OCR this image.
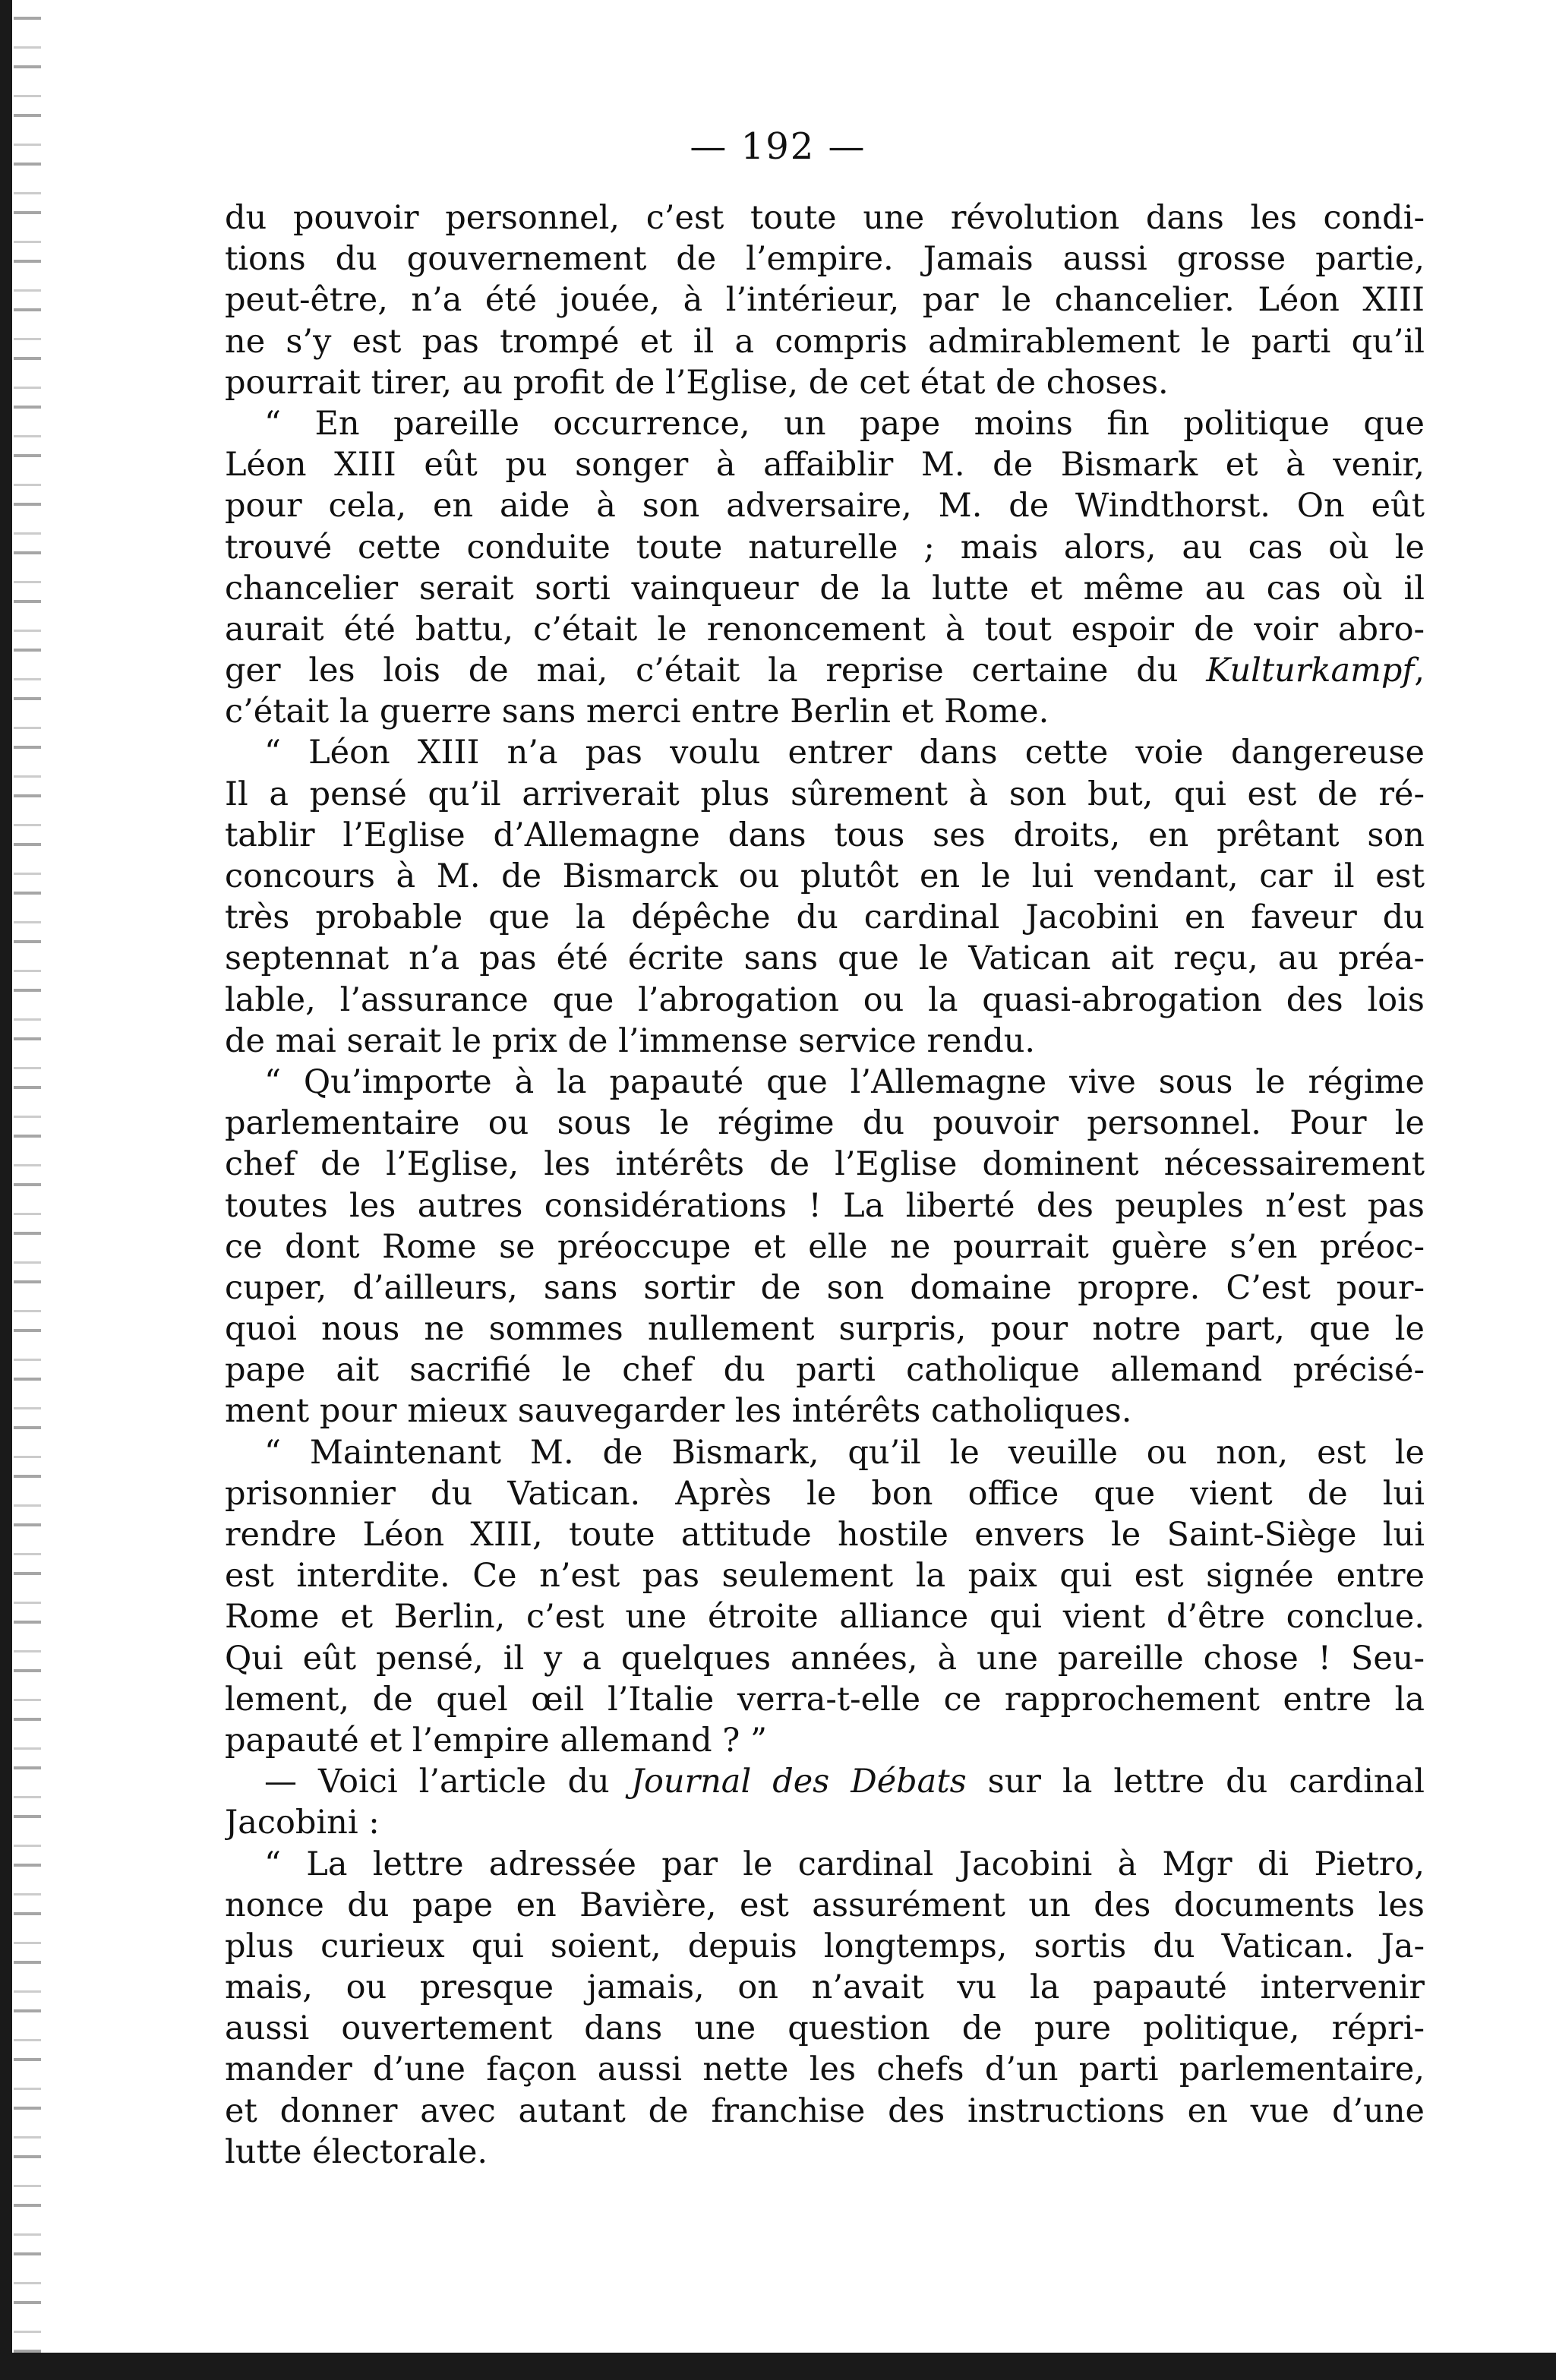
— 192 —
du pouvoir personnel, c’est toute une révolution dans les condi-
tions du gouvernement de l’empire. Jamais aussi grosse partie,
peut-être, n’a été jouée, à l’intérieur, par le chancelier. Léon XIII
ne s’y est pas trompé et il a compris admirablement le parti qu’il
pourrait tirer, au profit de l’Eglise, de cet état de choses.
“ En pareille occurrence, un pape moins fin politique que
Léon XIII eût pu songer à affaiblir M. de Bismark et à venir,
pour cela, en aide à son adversaire, M. de Windthorst. On eût
trouvé cette conduite toute naturelle ; mais alors, au cas où le
chancelier serait sorti vainqueur de la lutte et même au cas où il
aurait été battu, c’était le renoncement à tout espoir de voir abro-
ger les lois de mai, c’était la reprise certaine du Kulturkampf,
c’était la guerre sans merci entre Berlin et Rome.
“ Léon XIII n’a pas voulu entrer dans cette voie dangereuse
Il a pensé qu’il arriverait plus sûrement à son but, qui est de ré-
tablir l’Eglise d’Allemagne dans tous ses droits, en prêtant son
concours à M. de Bismarck ou plutôt en le lui vendant, car il est
très probable que la dépêche du cardinal Jacobini en faveur du
septennat n’a pas été écrite sans que le Vatican ait reçu, au préa-
lable, l’assurance que l’abrogation ou la quasi-abrogation des lois
de mai serait le prix de l’immense service rendu.
“ Qu’importe à la papauté que l’Allemagne vive sous le régime
parlementaire ou sous le régime du pouvoir personnel. Pour le
chef de l’Eglise, les intérêts de l’Eglise dominent nécessairement
toutes les autres considérations ! La liberté des peuples n’est pas
ce dont Rome se préoccupe et elle ne pourrait guère s’en préoc-
cuper, d’ailleurs, sans sortir de son domaine propre. C’est pour-
quoi nous ne sommes nullement surpris, pour notre part, que le
pape ait sacrifié le chef du parti catholique allemand précisé-
ment pour mieux sauvegarder les intérêts catholiques.
“ Maintenant M. de Bismark, qu’il le veuille ou non, est le
prisonnier du Vatican. Après le bon office que vient de lui
rendre Léon XIII, toute attitude hostile envers le Saint-Siège lui
est interdite. Ce n’est pas seulement la paix qui est signée entre
Rome et Berlin, c’est une étroite alliance qui vient d’être conclue.
Qui eût pensé, il y a quelques années, à une pareille chose ! Seu-
lement, de quel œil l’Italie verra-t-elle ce rapprochement entre la
papauté et l’empire allemand ? ”
— Voici l’article du Journal des Débats sur la lettre du cardinal
Jacobini :
“ La lettre adressée par le cardinal Jacobini à Mgr di Pietro,
nonce du pape en Bavière, est assurément un des documents les
plus curieux qui soient, depuis longtemps, sortis du Vatican. Ja-
mais, ou presque jamais, on n’avait vu la papauté intervenir
aussi ouvertement dans une question de pure politique, répri-
mander d’une façon aussi nette les chefs d’un parti parlementaire,
et donner avec autant de franchise des instructions en vue d’une
lutte électorale.
